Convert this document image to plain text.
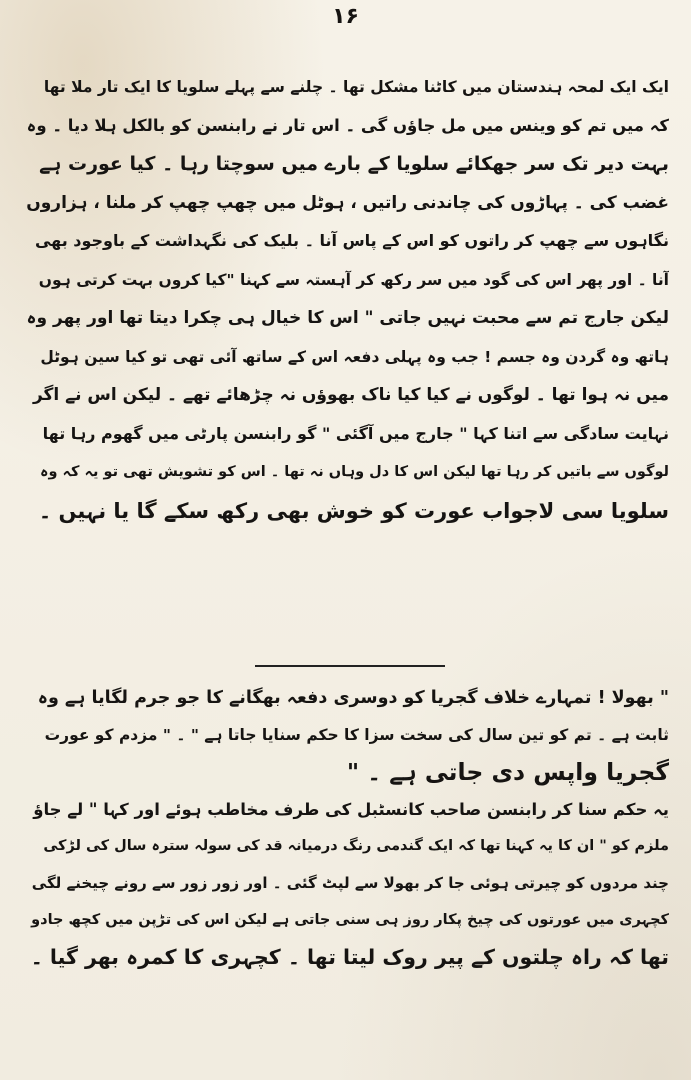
۱۶
ایک ایک لمحہ ہندستان میں کاٹنا مشکل تھا ۔ چلنے سے پہلے سلویا کا ایک تار ملا تھا
کہ میں تم کو وینس میں مل جاؤں گی ۔ اس تار نے رابنسن کو بالکل ہلا دیا ۔ وہ
بہت دیر تک سر جھکائے سلویا کے بارے میں سوچتا رہا ۔ کیا عورت ہے
غضب کی ۔ پہاڑوں کی چاندنی راتیں ، ہوٹل میں چھپ چھپ کر ملنا ، ہزاروں
نگاہوں سے چھپ کر راتوں کو اس کے پاس آنا ۔ بلیک کی نگہداشت کے باوجود بھی
آنا ۔ اور پھر اس کی گود میں سر رکھ کر آہستہ سے کہنا "کیا کروں بہت کرتی ہوں
لیکن جارج تم سے محبت نہیں جاتی " اس کا خیال ہی چکرا دیتا تھا اور پھر وہ
ہاتھ وہ گردن وہ جسم ! جب وہ پہلی دفعہ اس کے ساتھ آئی تھی تو کیا سین ہوٹل
میں نہ ہوا تھا ۔ لوگوں نے کیا کیا ناک بھوؤں نہ چڑھائے تھے ۔ لیکن اس نے اگر
نہایت سادگی سے اتنا کہا " جارج میں آگئی " گو رابنسن پارٹی میں گھوم رہا تھا
لوگوں سے باتیں کر رہا تھا لیکن اس کا دل وہاں نہ تھا ۔ اس کو تشویش تھی تو یہ کہ وہ
سلویا سی لاجواب عورت کو خوش بھی رکھ سکے گا یا نہیں ۔
" بھولا ! تمہارے خلاف گجریا کو دوسری دفعہ بھگانے کا جو جرم لگایا ہے وہ
ثابت ہے ۔ تم کو تین سال کی سخت سزا کا حکم سنایا جاتا ہے " ۔ " مزدم کو عورت
گجریا واپس دی جاتی ہے ۔ "
یہ حکم سنا کر رابنسن صاحب کانسٹبل کی طرف مخاطب ہوئے اور کہا " لے جاؤ
ملزم کو " ان کا یہ کہنا تھا کہ ایک گندمی رنگ درمیانہ قد کی سولہ سترہ سال کی لڑکی
چند مردوں کو چیرتی ہوئی جا کر بھولا سے لپٹ گئی ۔ اور زور زور سے رونے چیخنے لگی
کچہری میں عورتوں کی چیخ پکار روز ہی سنی جاتی ہے لیکن اس کی تڑپن میں کچھ جادو
تھا کہ راہ چلتوں کے پیر روک لیتا تھا ۔ کچہری کا کمرہ بھر گیا ۔
